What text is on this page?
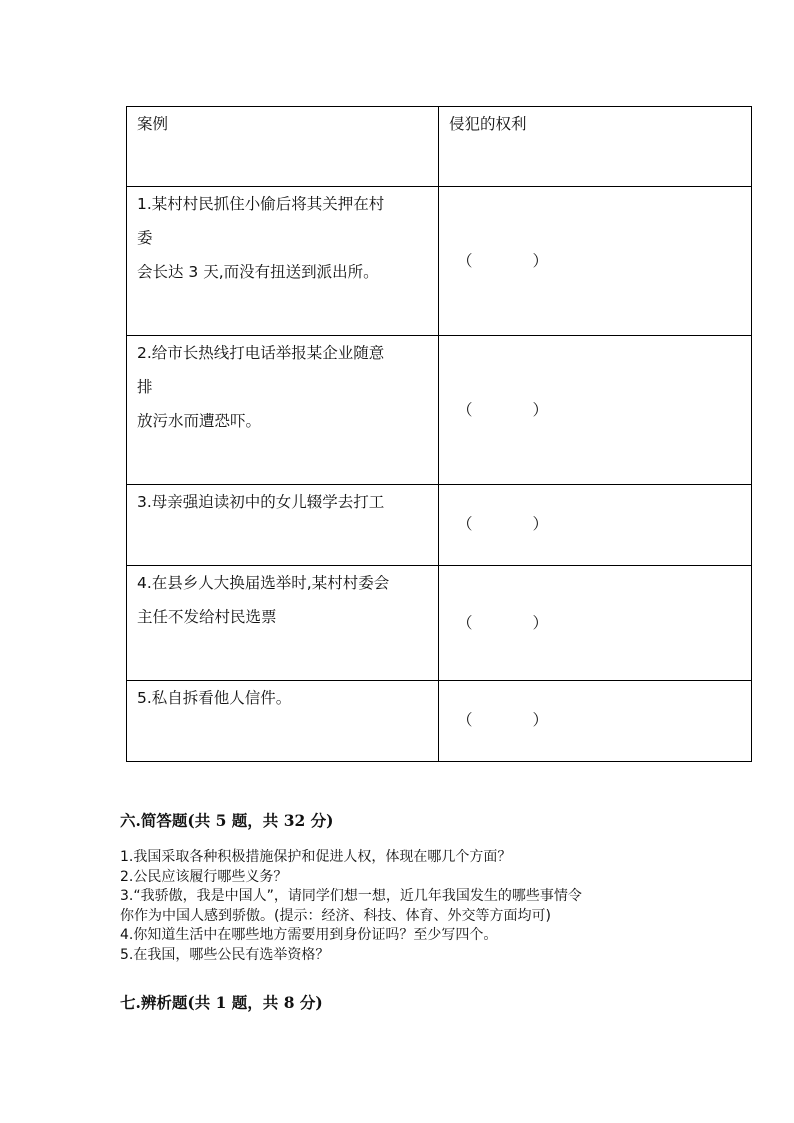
案例	侵犯的权利

1.某村村民抓住小偷后将其关押在村
委
会长达 3 天,而没有扭送到派出所。	（ ）

2.给市长热线打电话举报某企业随意
排
放污水而遭恐吓。	（ ）

3.母亲强迫读初中的女儿辍学去打工	（ ）

4.在县乡人大换届选举时,某村村委会
主任不发给村民选票	（ ）

5.私自拆看他人信件。	（ ）
六.简答题(共 5 题，共 32 分)
1.我国采取各种积极措施保护和促进人权，体现在哪几个方面？
2.公民应该履行哪些义务？
3.“我骄傲，我是中国人”，请同学们想一想，近几年我国发生的哪些事情令
你作为中国人感到骄傲。(提示：经济、科技、体育、外交等方面均可)
4.你知道生活中在哪些地方需要用到身份证吗？至少写四个。
5.在我国，哪些公民有选举资格？
七.辨析题(共 1 题，共 8 分)
